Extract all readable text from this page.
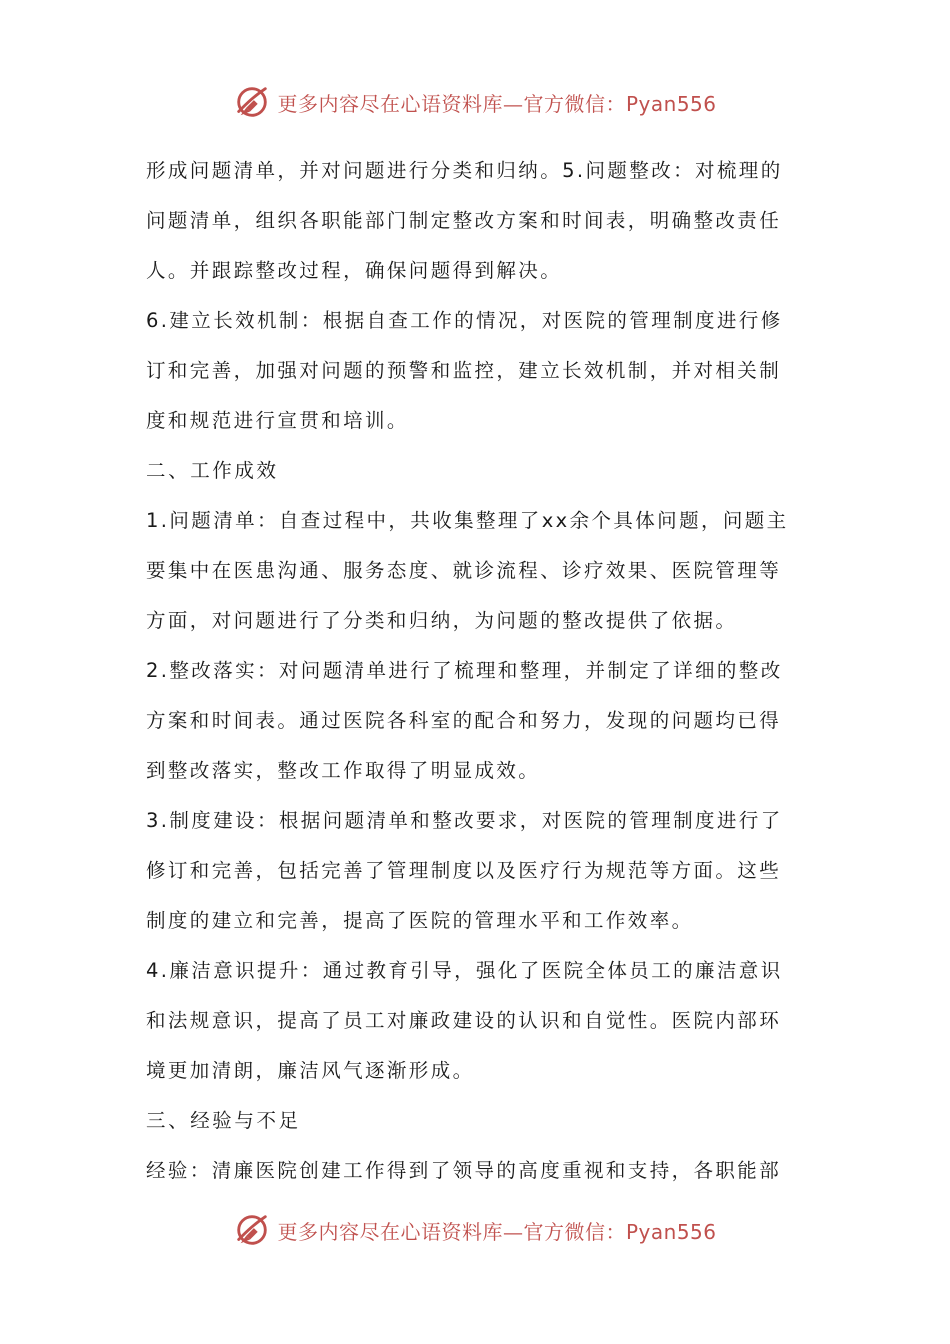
更多内容尽在心语资料库—官方微信：Pyan556
形成问题清单，并对问题进行分类和归纳。5.问题整改：对梳理的
问题清单，组织各职能部门制定整改方案和时间表，明确整改责任
人。并跟踪整改过程，确保问题得到解决。
6.建立长效机制：根据自查工作的情况，对医院的管理制度进行修
订和完善，加强对问题的预警和监控，建立长效机制，并对相关制
度和规范进行宣贯和培训。
二、工作成效
1.问题清单：自查过程中，共收集整理了xx余个具体问题，问题主
要集中在医患沟通、服务态度、就诊流程、诊疗效果、医院管理等
方面，对问题进行了分类和归纳，为问题的整改提供了依据。
2.整改落实：对问题清单进行了梳理和整理，并制定了详细的整改
方案和时间表。通过医院各科室的配合和努力，发现的问题均已得
到整改落实，整改工作取得了明显成效。
3.制度建设：根据问题清单和整改要求，对医院的管理制度进行了
修订和完善，包括完善了管理制度以及医疗行为规范等方面。这些
制度的建立和完善，提高了医院的管理水平和工作效率。
4.廉洁意识提升：通过教育引导，强化了医院全体员工的廉洁意识
和法规意识，提高了员工对廉政建设的认识和自觉性。医院内部环
境更加清朗，廉洁风气逐渐形成。
三、经验与不足
经验：清廉医院创建工作得到了领导的高度重视和支持，各职能部
更多内容尽在心语资料库—官方微信：Pyan556
